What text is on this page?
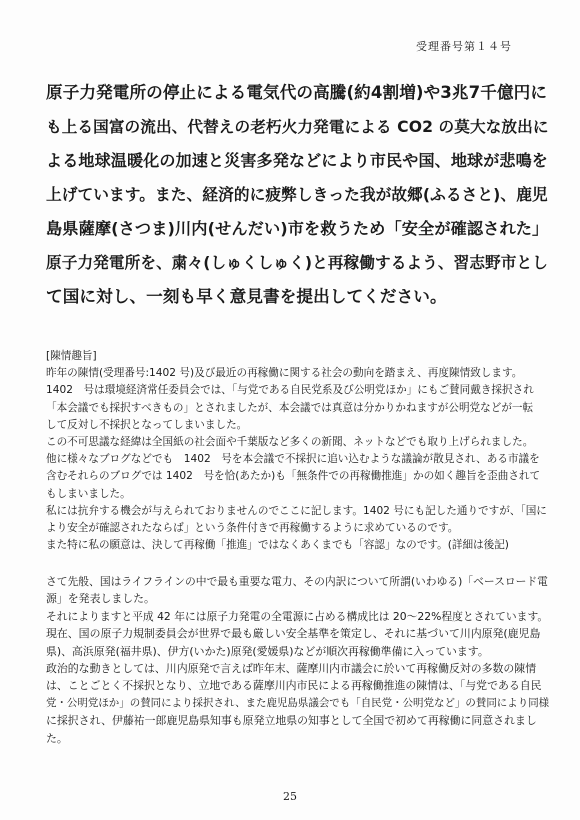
受理番号第１４号
原子力発電所の停止による電気代の高騰(約4割増)や3兆7千億円に
も上る国富の流出、代替えの老朽火力発電による CO2 の莫大な放出に
よる地球温暖化の加速と災害多発などにより市民や国、地球が悲鳴を
上げています。また、経済的に疲弊しきった我が故郷(ふるさと)、鹿児
島県薩摩(さつま)川内(せんだい)市を救うため「安全が確認された」
原子力発電所を、粛々(しゅくしゅく)と再稼働するよう、習志野市とし
て国に対し、一刻も早く意見書を提出してください。
[陳情趣旨]
昨年の陳情(受理番号:1402 号)及び最近の再稼働に関する社会の動向を踏まえ、再度陳情致します。
1402　号は環境経済常任委員会では、「与党である自民党系及び公明党ほか」にもご賛同戴き採択され
「本会議でも採択すべきもの」とされましたが、本会議では真意は分かりかねますが公明党などが一転
して反対し不採択となってしまいました。
この不可思議な経緯は全国紙の社会面や千葉版など多くの新聞、ネットなどでも取り上げられました。
他に様々なブログなどでも　1402　号を本会議で不採択に追い込むような議論が散見され、ある市議を
含むそれらのブログでは 1402　号を恰(あたか)も「無条件での再稼働推進」かの如く趣旨を歪曲されて
もしまいました。
私には抗弁する機会が与えられておりませんのでここに記します。1402 号にも記した通りですが、「国に
より安全が確認されたならば」という条件付きで再稼働するように求めているのです。
また特に私の願意は、決して再稼働「推進」ではなくあくまでも「容認」なのです。(詳細は後記)
さて先般、国はライフラインの中で最も重要な電力、その内訳について所謂(いわゆる)「ベースロード電
源」を発表しました。
それによりますと平成 42 年には原子力発電の全電源に占める構成比は 20～22%程度とされています。
現在、国の原子力規制委員会が世界で最も厳しい安全基準を策定し、それに基づいて川内原発(鹿児島
県)、高浜原発(福井県)、伊方(いかた)原発(愛媛県)などが順次再稼働準備に入っています。
政治的な動きとしては、川内原発で言えば昨年末、薩摩川内市議会に於いて再稼働反対の多数の陳情
は、ことごとく不採択となり、立地である薩摩川内市民による再稼働推進の陳情は、「与党である自民
党・公明党ほか」の賛同により採択され、また鹿児島県議会でも「自民党・公明党など」の賛同により同様
に採択され、伊藤祐一郎鹿児島県知事も原発立地県の知事として全国で初めて再稼働に同意されまし
た。
25
